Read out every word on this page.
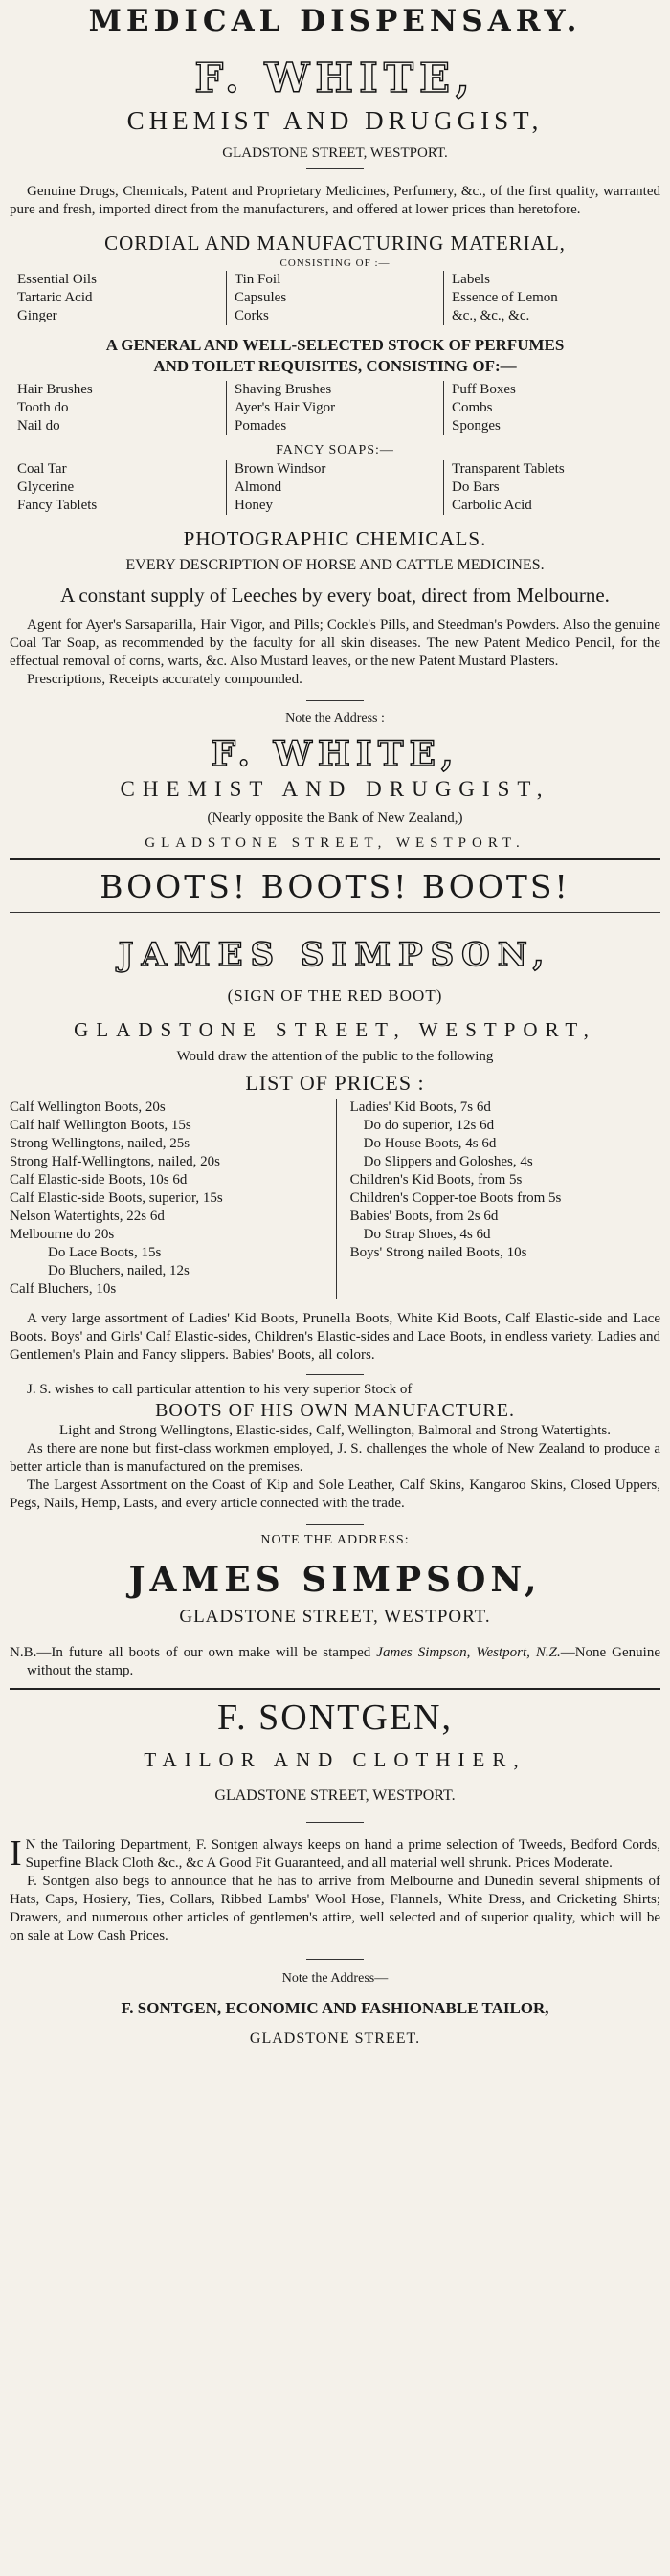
MEDICAL DISPENSARY.
F. WHITE,
CHEMIST AND DRUGGIST,
GLADSTONE STREET, WESTPORT.

Genuine Drugs, Chemicals, Patent and Proprietary Medicines, Perfumery, &c., of the first quality, warranted pure and fresh, imported direct from the manufacturers, and offered at lower prices than heretofore.

CORDIAL AND MANUFACTURING MATERIAL,
CONSISTING OF :—
Essential Oils
Tartaric Acid
Ginger
Tin Foil
Capsules
Corks
Labels
Essence of Lemon
&c., &c., &c.
A GENERAL AND WELL-SELECTED STOCK OF PERFUMES
AND TOILET REQUISITES, CONSISTING OF:—
Hair Brushes
Tooth do
Nail do
Shaving Brushes
Ayer's Hair Vigor
Pomades
Puff Boxes
Combs
Sponges
FANCY SOAPS:—
Coal Tar
Glycerine
Fancy Tablets
Brown Windsor
Almond
Honey
Transparent Tablets
Do Bars
Carbolic Acid
PHOTOGRAPHIC CHEMICALS.
EVERY DESCRIPTION OF HORSE AND CATTLE MEDICINES.
A constant supply of Leeches by every boat, direct from Melbourne.

Agent for Ayer's Sarsaparilla, Hair Vigor, and Pills; Cockle's Pills, and Steedman's Powders. Also the genuine Coal Tar Soap, as recommended by the faculty for all skin diseases. The new Patent Medico Pencil, for the effectual removal of corns, warts, &c. Also Mustard leaves, or the new Patent Mustard Plasters.

Prescriptions, Receipts accurately compounded.

Note the Address :
F. WHITE,
CHEMIST AND DRUGGIST,
(Nearly opposite the Bank of New Zealand,)
GLADSTONE STREET, WESTPORT.
BOOTS! BOOTS! BOOTS!
JAMES SIMPSON,
(SIGN OF THE RED BOOT)
GLADSTONE STREET, WESTPORT,
Would draw the attention of the public to the following
LIST OF PRICES :
Calf Wellington Boots, 20s
Calf half Wellington Boots, 15s
Strong Wellingtons, nailed, 25s
Strong Half-Wellingtons, nailed, 20s
Calf Elastic-side Boots, 10s 6d
Calf Elastic-side Boots, superior, 15s
Nelson Watertights, 22s 6d
Melbourne do 20s
Do Lace Boots, 15s
Do Bluchers, nailed, 12s
Calf Bluchers, 10s
Ladies' Kid Boots, 7s 6d
Do do superior, 12s 6d
Do House Boots, 4s 6d
Do Slippers and Goloshes, 4s
Children's Kid Boots, from 5s
Children's Copper-toe Boots from 5s
Babies' Boots, from 2s 6d
Do Strap Shoes, 4s 6d
Boys' Strong nailed Boots, 10s

A very large assortment of Ladies' Kid Boots, Prunella Boots, White Kid Boots, Calf Elastic-side and Lace Boots. Boys' and Girls' Calf Elastic-sides, Children's Elastic-sides and Lace Boots, in endless variety. Ladies and Gentlemen's Plain and Fancy slippers. Babies' Boots, all colors.

J. S. wishes to call particular attention to his very superior Stock of

BOOTS OF HIS OWN MANUFACTURE.

Light and Strong Wellingtons, Elastic-sides, Calf, Wellington, Balmoral and Strong Watertights.

As there are none but first-class workmen employed, J. S. challenges the whole of New Zealand to produce a better article than is manufactured on the premises.

The Largest Assortment on the Coast of Kip and Sole Leather, Calf Skins, Kangaroo Skins, Closed Uppers, Pegs, Nails, Hemp, Lasts, and every article connected with the trade.

NOTE THE ADDRESS:
JAMES SIMPSON,
GLADSTONE STREET, WESTPORT.

N.B.—In future all boots of our own make will be stamped James Simpson, Westport, N.Z.—None Genuine without the stamp.

F. SONTGEN,
TAILOR AND CLOTHIER,
GLADSTONE STREET, WESTPORT.
I N the Tailoring Department, F. Sontgen always keeps on hand a prime selection of Tweeds, Bedford Cords, Superfine Black Cloth &c., &c A Good Fit Guaranteed, and all material well shrunk. Prices Moderate.

F. Sontgen also begs to announce that he has to arrive from Melbourne and Dunedin several shipments of Hats, Caps, Hosiery, Ties, Collars, Ribbed Lambs' Wool Hose, Flannels, White Dress, and Cricketing Shirts; Drawers, and numerous other articles of gentlemen's attire, well selected and of superior quality, which will be on sale at Low Cash Prices.

Note the Address—
F. SONTGEN, ECONOMIC AND FASHIONABLE TAILOR,
GLADSTONE STREET.
